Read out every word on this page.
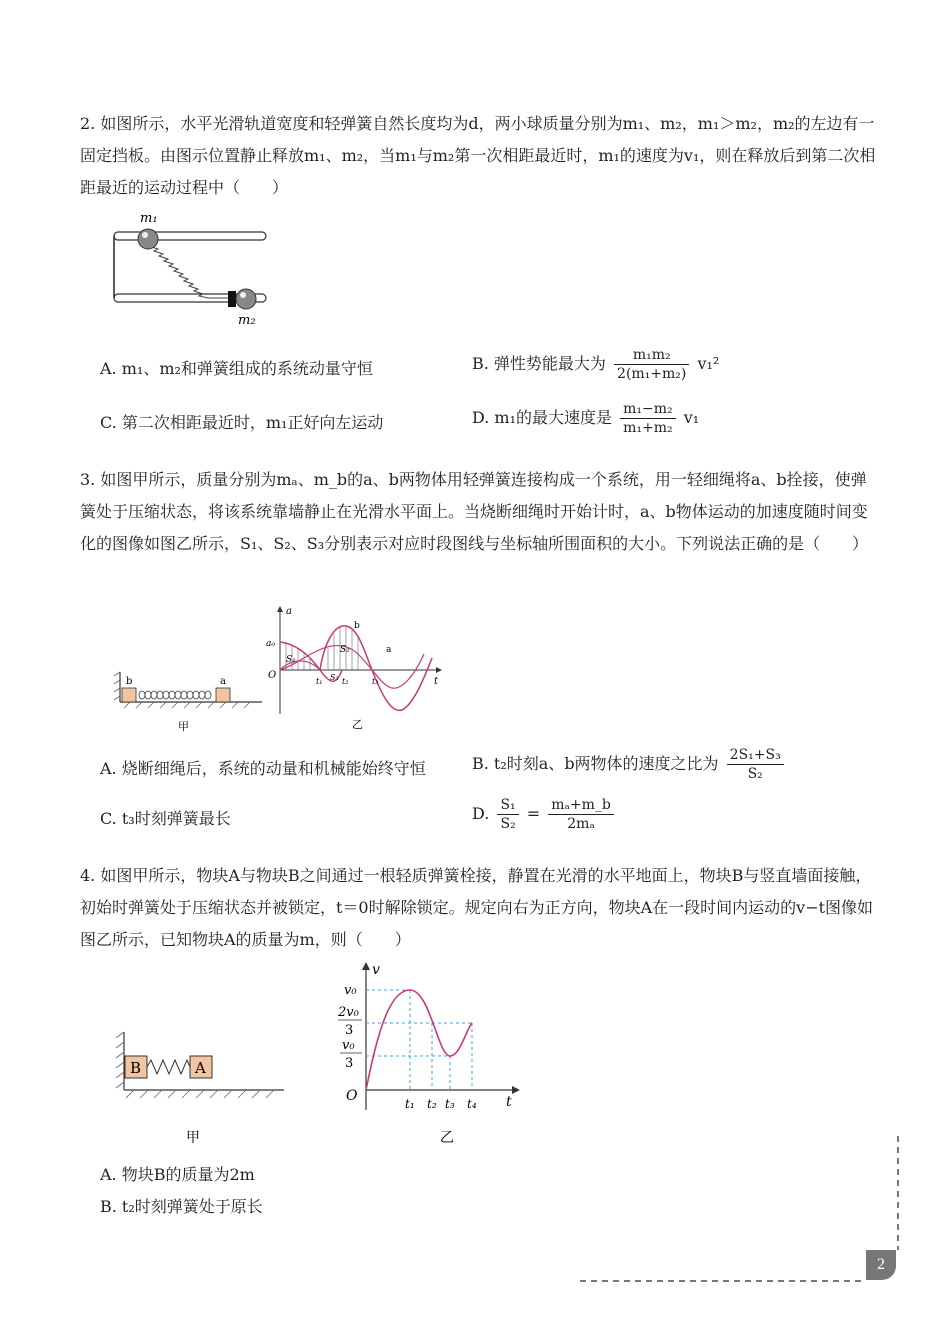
2. 如图所示，水平光滑轨道宽度和轻弹簧自然长度均为d，两小球质量分别为m₁、m₂，m₁＞m₂，m₂的左边有一固定挡板。由图示位置静止释放m₁、m₂，当m₁与m₂第一次相距最近时，m₁的速度为v₁，则在释放后到第二次相距最近的运动过程中（　　）

m₁
m₂
A. m₁、m₂和弹簧组成的系统动量守恒	B. 弹性势能最大为 $\frac{\text{m₁m₂}}{\text{2(m₁+m₂)}} v_1^2$
C. 第二次相距最近时，m₁正好向左运动	D. m₁的最大速度是 $\frac{\text{m₁−m₂}}{\text{m₁+m₂}} v_1$

3. 如图甲所示，质量分别为mₐ、m_b的a、b两物体用轻弹簧连接构成一个系统，用一轻细绳将a、b拴接，使弹簧处于压缩状态，将该系统靠墙静止在光滑水平面上。当烧断细绳时开始计时，a、b物体运动的加速度随时间变化的图像如图乙所示，S₁、S₂、S₃分别表示对应时段图线与坐标轴所围面积的大小。下列说法正确的是（　　）

b	a
甲
a
t
O
a₀
S₁
S₂
S₃
t₁ t₂	t₃
b
a
乙
A. 烧断细绳后，系统的动量和机械能始终守恒	B. t₂时刻a、b两物体的速度之比为 $\frac{\text{2S₁+S₃}}{\text{S₂}}$
C. t₃时刻弹簧最长	D. $\frac{\text{S₁}}{\text{S₂}} = \frac{\text{mₐ+m\_b}}{\text{2mₐ}}$

4. 如图甲所示，物块A与物块B之间通过一根轻质弹簧栓接，静置在光滑的水平地面上，物块B与竖直墙面接触，初始时弹簧处于压缩状态并被锁定，t＝0时解除锁定。规定向右为正方向，物块A在一段时间内运动的v−t图像如图乙所示，已知物块A的质量为m，则（　　）

B	A
甲
v
t
O
v₀
2v₀
3
v₀
3
t₁ t₂ t₃ t₄
乙
A. 物块B的质量为2m
B. t₂时刻弹簧处于原长
2
